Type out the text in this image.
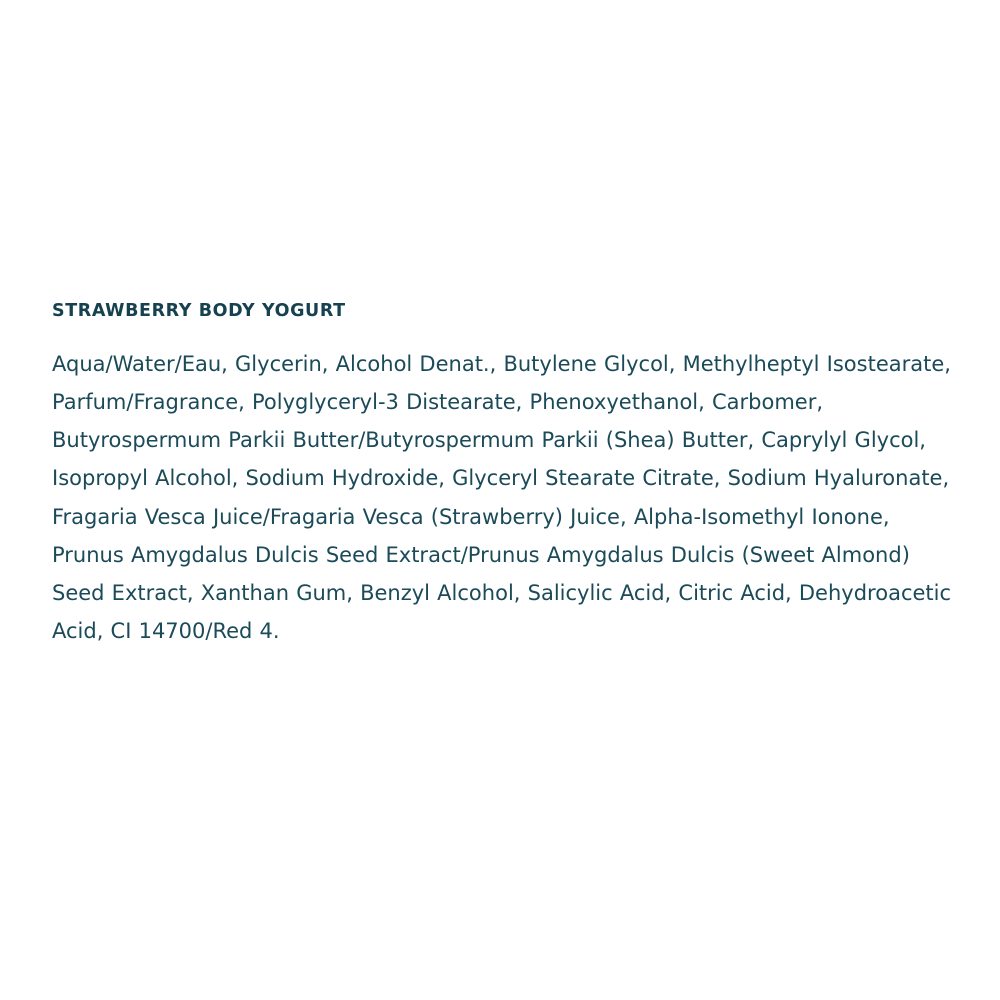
STRAWBERRY BODY YOGURT

Aqua/Water/Eau, Glycerin, Alcohol Denat., Butylene Glycol, Methylheptyl Isostearate, Parfum/Fragrance, Polyglyceryl-3 Distearate, Phenoxyethanol, Carbomer, Butyrospermum Parkii Butter/Butyrospermum Parkii (Shea) Butter, Caprylyl Glycol, Isopropyl Alcohol, Sodium Hydroxide, Glyceryl Stearate Citrate, Sodium Hyaluronate, Fragaria Vesca Juice/Fragaria Vesca (Strawberry) Juice, Alpha-Isomethyl Ionone, Prunus Amygdalus Dulcis Seed Extract/Prunus Amygdalus Dulcis (Sweet Almond) Seed Extract, Xanthan Gum, Benzyl Alcohol, Salicylic Acid, Citric Acid, Dehydroacetic Acid, CI 14700/Red 4.
